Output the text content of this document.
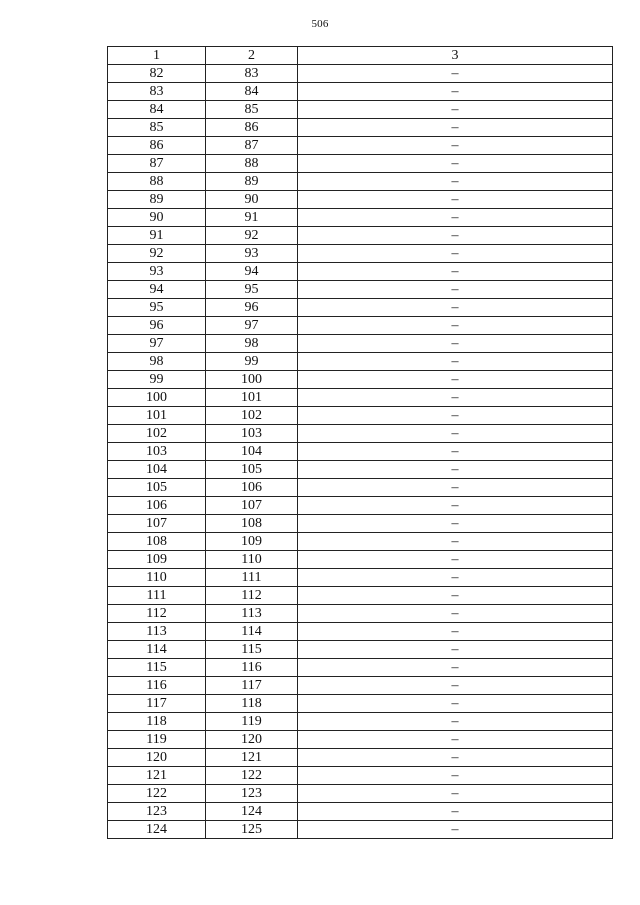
506
1	2	3
82	83	–
83	84	–
84	85	–
85	86	–
86	87	–
87	88	–
88	89	–
89	90	–
90	91	–
91	92	–
92	93	–
93	94	–
94	95	–
95	96	–
96	97	–
97	98	–
98	99	–
99	100	–
100	101	–
101	102	–
102	103	–
103	104	–
104	105	–
105	106	–
106	107	–
107	108	–
108	109	–
109	110	–
110	111	–
111	112	–
112	113	–
113	114	–
114	115	–
115	116	–
116	117	–
117	118	–
118	119	–
119	120	–
120	121	–
121	122	–
122	123	–
123	124	–
124	125	–
